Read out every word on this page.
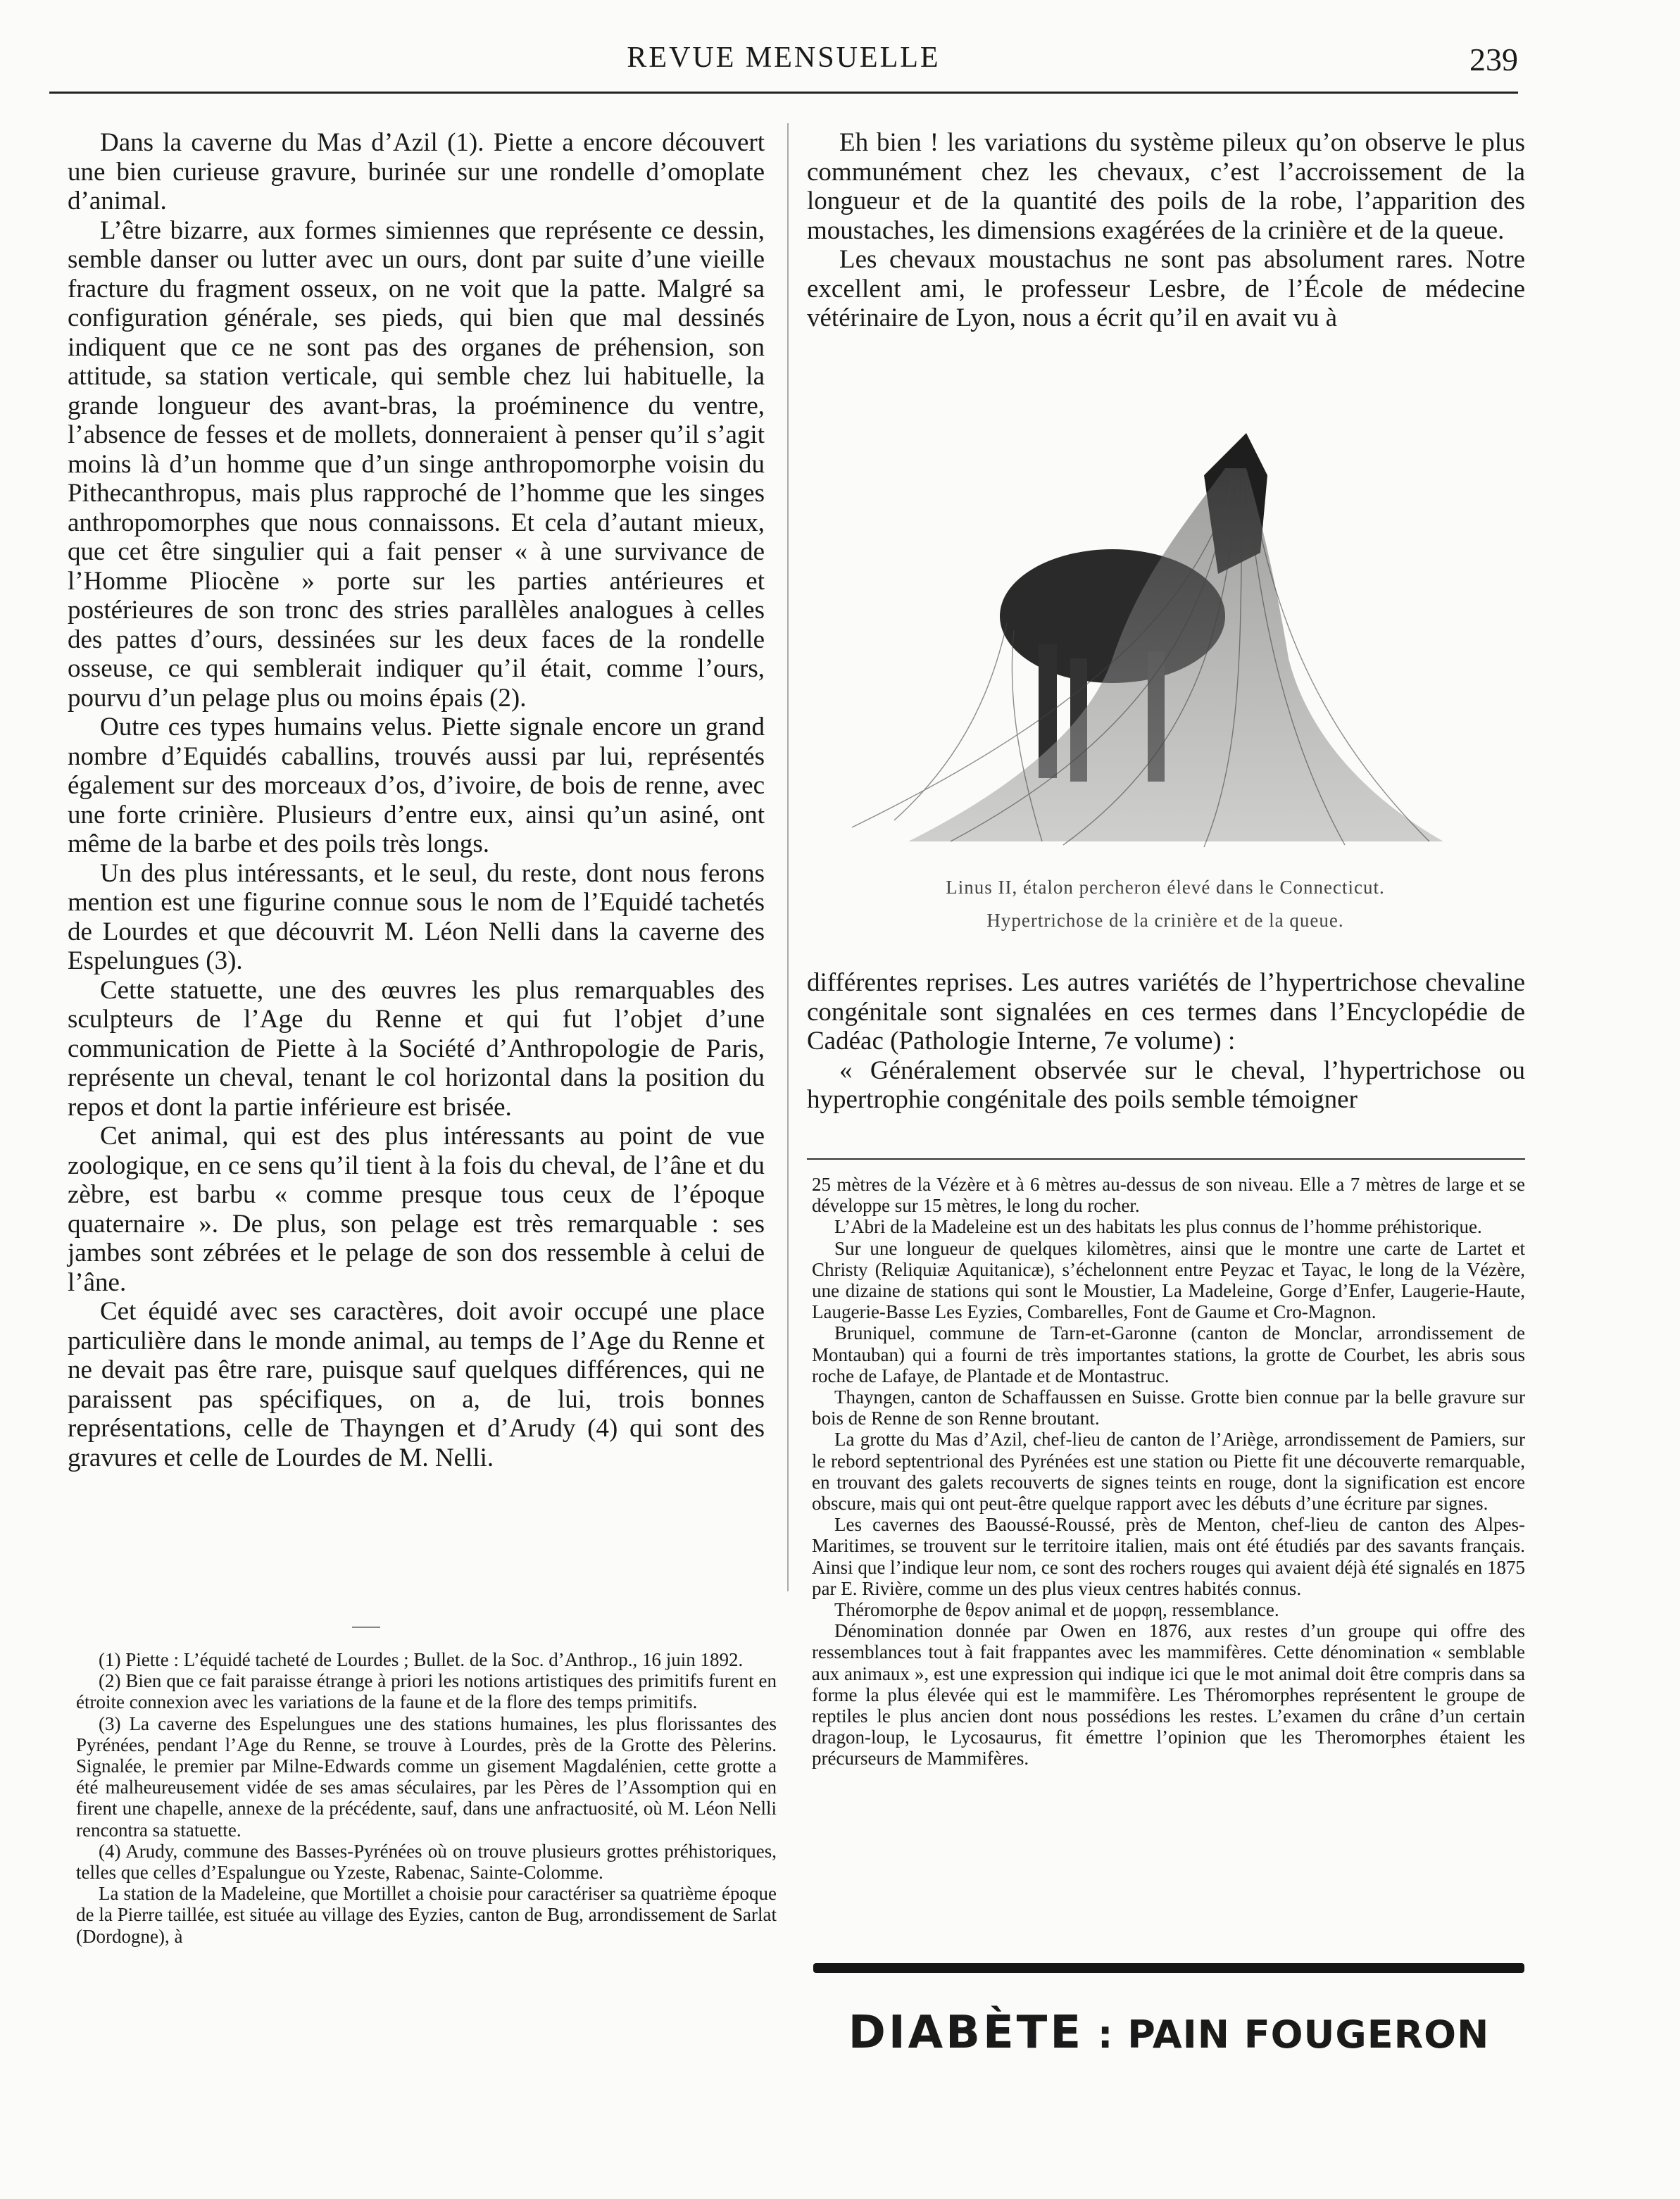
REVUE MENSUELLE	239

Dans la caverne du Mas d’Azil (1). Piette a encore découvert une bien curieuse gravure, burinée sur une rondelle d’omoplate d’animal.

L’être bizarre, aux formes simiennes que représente ce dessin, semble danser ou lutter avec un ours, dont par suite d’une vieille fracture du fragment osseux, on ne voit que la patte. Malgré sa configuration générale, ses pieds, qui bien que mal dessinés indiquent que ce ne sont pas des organes de préhension, son attitude, sa station verticale, qui semble chez lui habituelle, la grande longueur des avant-bras, la proéminence du ventre, l’absence de fesses et de mollets, donneraient à penser qu’il s’agit moins là d’un homme que d’un singe anthropomorphe voisin du Pithecanthropus, mais plus rapproché de l’homme que les singes anthropomorphes que nous connaissons. Et cela d’autant mieux, que cet être singulier qui a fait penser « à une survivance de l’Homme Pliocène » porte sur les parties antérieures et postérieures de son tronc des stries parallèles analogues à celles des pattes d’ours, dessinées sur les deux faces de la rondelle osseuse, ce qui semblerait indiquer qu’il était, comme l’ours, pourvu d’un pelage plus ou moins épais (2).

Outre ces types humains velus. Piette signale encore un grand nombre d’Equidés caballins, trouvés aussi par lui, représentés également sur des morceaux d’os, d’ivoire, de bois de renne, avec une forte crinière. Plusieurs d’entre eux, ainsi qu’un asiné, ont même de la barbe et des poils très longs.

Un des plus intéressants, et le seul, du reste, dont nous ferons mention est une figurine connue sous le nom de l’Equidé tachetés de Lourdes et que découvrit M. Léon Nelli dans la caverne des Espelungues (3).

Cette statuette, une des œuvres les plus remarquables des sculpteurs de l’Age du Renne et qui fut l’objet d’une communication de Piette à la Société d’Anthropologie de Paris, représente un cheval, tenant le col horizontal dans la position du repos et dont la partie inférieure est brisée.

Cet animal, qui est des plus intéressants au point de vue zoologique, en ce sens qu’il tient à la fois du cheval, de l’âne et du zèbre, est barbu « comme presque tous ceux de l’époque quaternaire ». De plus, son pelage est très remarquable : ses jambes sont zébrées et le pelage de son dos ressemble à celui de l’âne.

Cet équidé avec ses caractères, doit avoir occupé une place particulière dans le monde animal, au temps de l’Age du Renne et ne devait pas être rare, puisque sauf quelques différences, qui ne paraissent pas spécifiques, on a, de lui, trois bonnes représentations, celle de Thayngen et d’Arudy (4) qui sont des gravures et celle de Lourdes de M. Nelli.

(1) Piette : L’équidé tacheté de Lourdes ; Bullet. de la Soc. d’Anthrop., 16 juin 1892.

(2) Bien que ce fait paraisse étrange à priori les notions artistiques des primitifs furent en étroite connexion avec les variations de la faune et de la flore des temps primitifs.

(3) La caverne des Espelungues une des stations humaines, les plus florissantes des Pyrénées, pendant l’Age du Renne, se trouve à Lourdes, près de la Grotte des Pèlerins. Signalée, le premier par Milne-Edwards comme un gisement Magdalénien, cette grotte a été malheureusement vidée de ses amas séculaires, par les Pères de l’Assomption qui en firent une chapelle, annexe de la précédente, sauf, dans une anfractuosité, où M. Léon Nelli rencontra sa statuette.

(4) Arudy, commune des Basses-Pyrénées où on trouve plusieurs grottes préhistoriques, telles que celles d’Espalungue ou Yzeste, Rabenac, Sainte-Colomme.

La station de la Madeleine, que Mortillet a choisie pour caractériser sa quatrième époque de la Pierre taillée, est située au village des Eyzies, canton de Bug, arrondissement de Sarlat (Dordogne), à

Eh bien ! les variations du système pileux qu’on observe le plus communément chez les chevaux, c’est l’accroissement de la longueur et de la quantité des poils de la robe, l’apparition des moustaches, les dimensions exagérées de la crinière et de la queue.

Les chevaux moustachus ne sont pas absolument rares. Notre excellent ami, le professeur Lesbre, de l’École de médecine vétérinaire de Lyon, nous a écrit qu’il en avait vu à

Linus II, étalon percheron élevé dans le Connecticut.
Hypertrichose de la crinière et de la queue.

différentes reprises. Les autres variétés de l’hypertrichose chevaline congénitale sont signalées en ces termes dans l’Encyclopédie de Cadéac (Pathologie Interne, 7e volume) :

« Généralement observée sur le cheval, l’hypertrichose ou hypertrophie congénitale des poils semble témoigner

25 mètres de la Vézère et à 6 mètres au-dessus de son niveau. Elle a 7 mètres de large et se développe sur 15 mètres, le long du rocher.

L’Abri de la Madeleine est un des habitats les plus connus de l’homme préhistorique.

Sur une longueur de quelques kilomètres, ainsi que le montre une carte de Lartet et Christy (Reliquiæ Aquitanicæ), s’échelonnent entre Peyzac et Tayac, le long de la Vézère, une dizaine de stations qui sont le Moustier, La Madeleine, Gorge d’Enfer, Laugerie-Haute, Laugerie-Basse Les Eyzies, Combarelles, Font de Gaume et Cro-Magnon.

Bruniquel, commune de Tarn-et-Garonne (canton de Monclar, arrondissement de Montauban) qui a fourni de très importantes stations, la grotte de Courbet, les abris sous roche de Lafaye, de Plantade et de Montastruc.

Thayngen, canton de Schaffaussen en Suisse. Grotte bien connue par la belle gravure sur bois de Renne de son Renne broutant.

La grotte du Mas d’Azil, chef-lieu de canton de l’Ariège, arrondissement de Pamiers, sur le rebord septentrional des Pyrénées est une station ou Piette fit une découverte remarquable, en trouvant des galets recouverts de signes teints en rouge, dont la signification est encore obscure, mais qui ont peut-être quelque rapport avec les débuts d’une écriture par signes.

Les cavernes des Baoussé-Roussé, près de Menton, chef-lieu de canton des Alpes-Maritimes, se trouvent sur le territoire italien, mais ont été étudiés par des savants français. Ainsi que l’indique leur nom, ce sont des rochers rouges qui avaient déjà été signalés en 1875 par E. Rivière, comme un des plus vieux centres habités connus.

Théromorphe de θερον animal et de μορφη, ressemblance.

Dénomination donnée par Owen en 1876, aux restes d’un groupe qui offre des ressemblances tout à fait frappantes avec les mammifères. Cette dénomination « semblable aux animaux », est une expression qui indique ici que le mot animal doit être compris dans sa forme la plus élevée qui est le mammifère. Les Théromorphes représentent le groupe de reptiles le plus ancien dont nous possédions les restes. L’examen du crâne d’un certain dragon-loup, le Lycosaurus, fit émettre l’opinion que les Theromorphes étaient les précurseurs de Mammifères.

DIABÈTE : PAIN FOUGERON
